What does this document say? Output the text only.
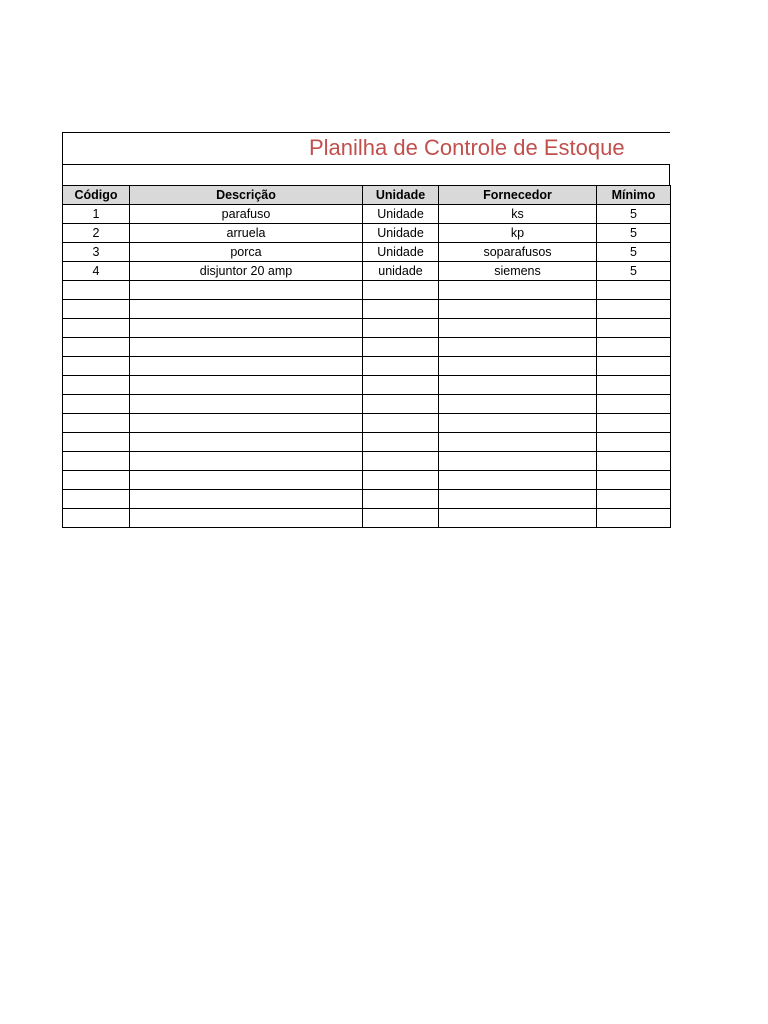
Planilha de Controle de Estoque
Código	Descrição	Unidade	Fornecedor	Mínimo
1	parafuso	Unidade	ks	5
2	arruela	Unidade	kp	5
3	porca	Unidade	soparafusos	5
4	disjuntor 20 amp	unidade	siemens	5
